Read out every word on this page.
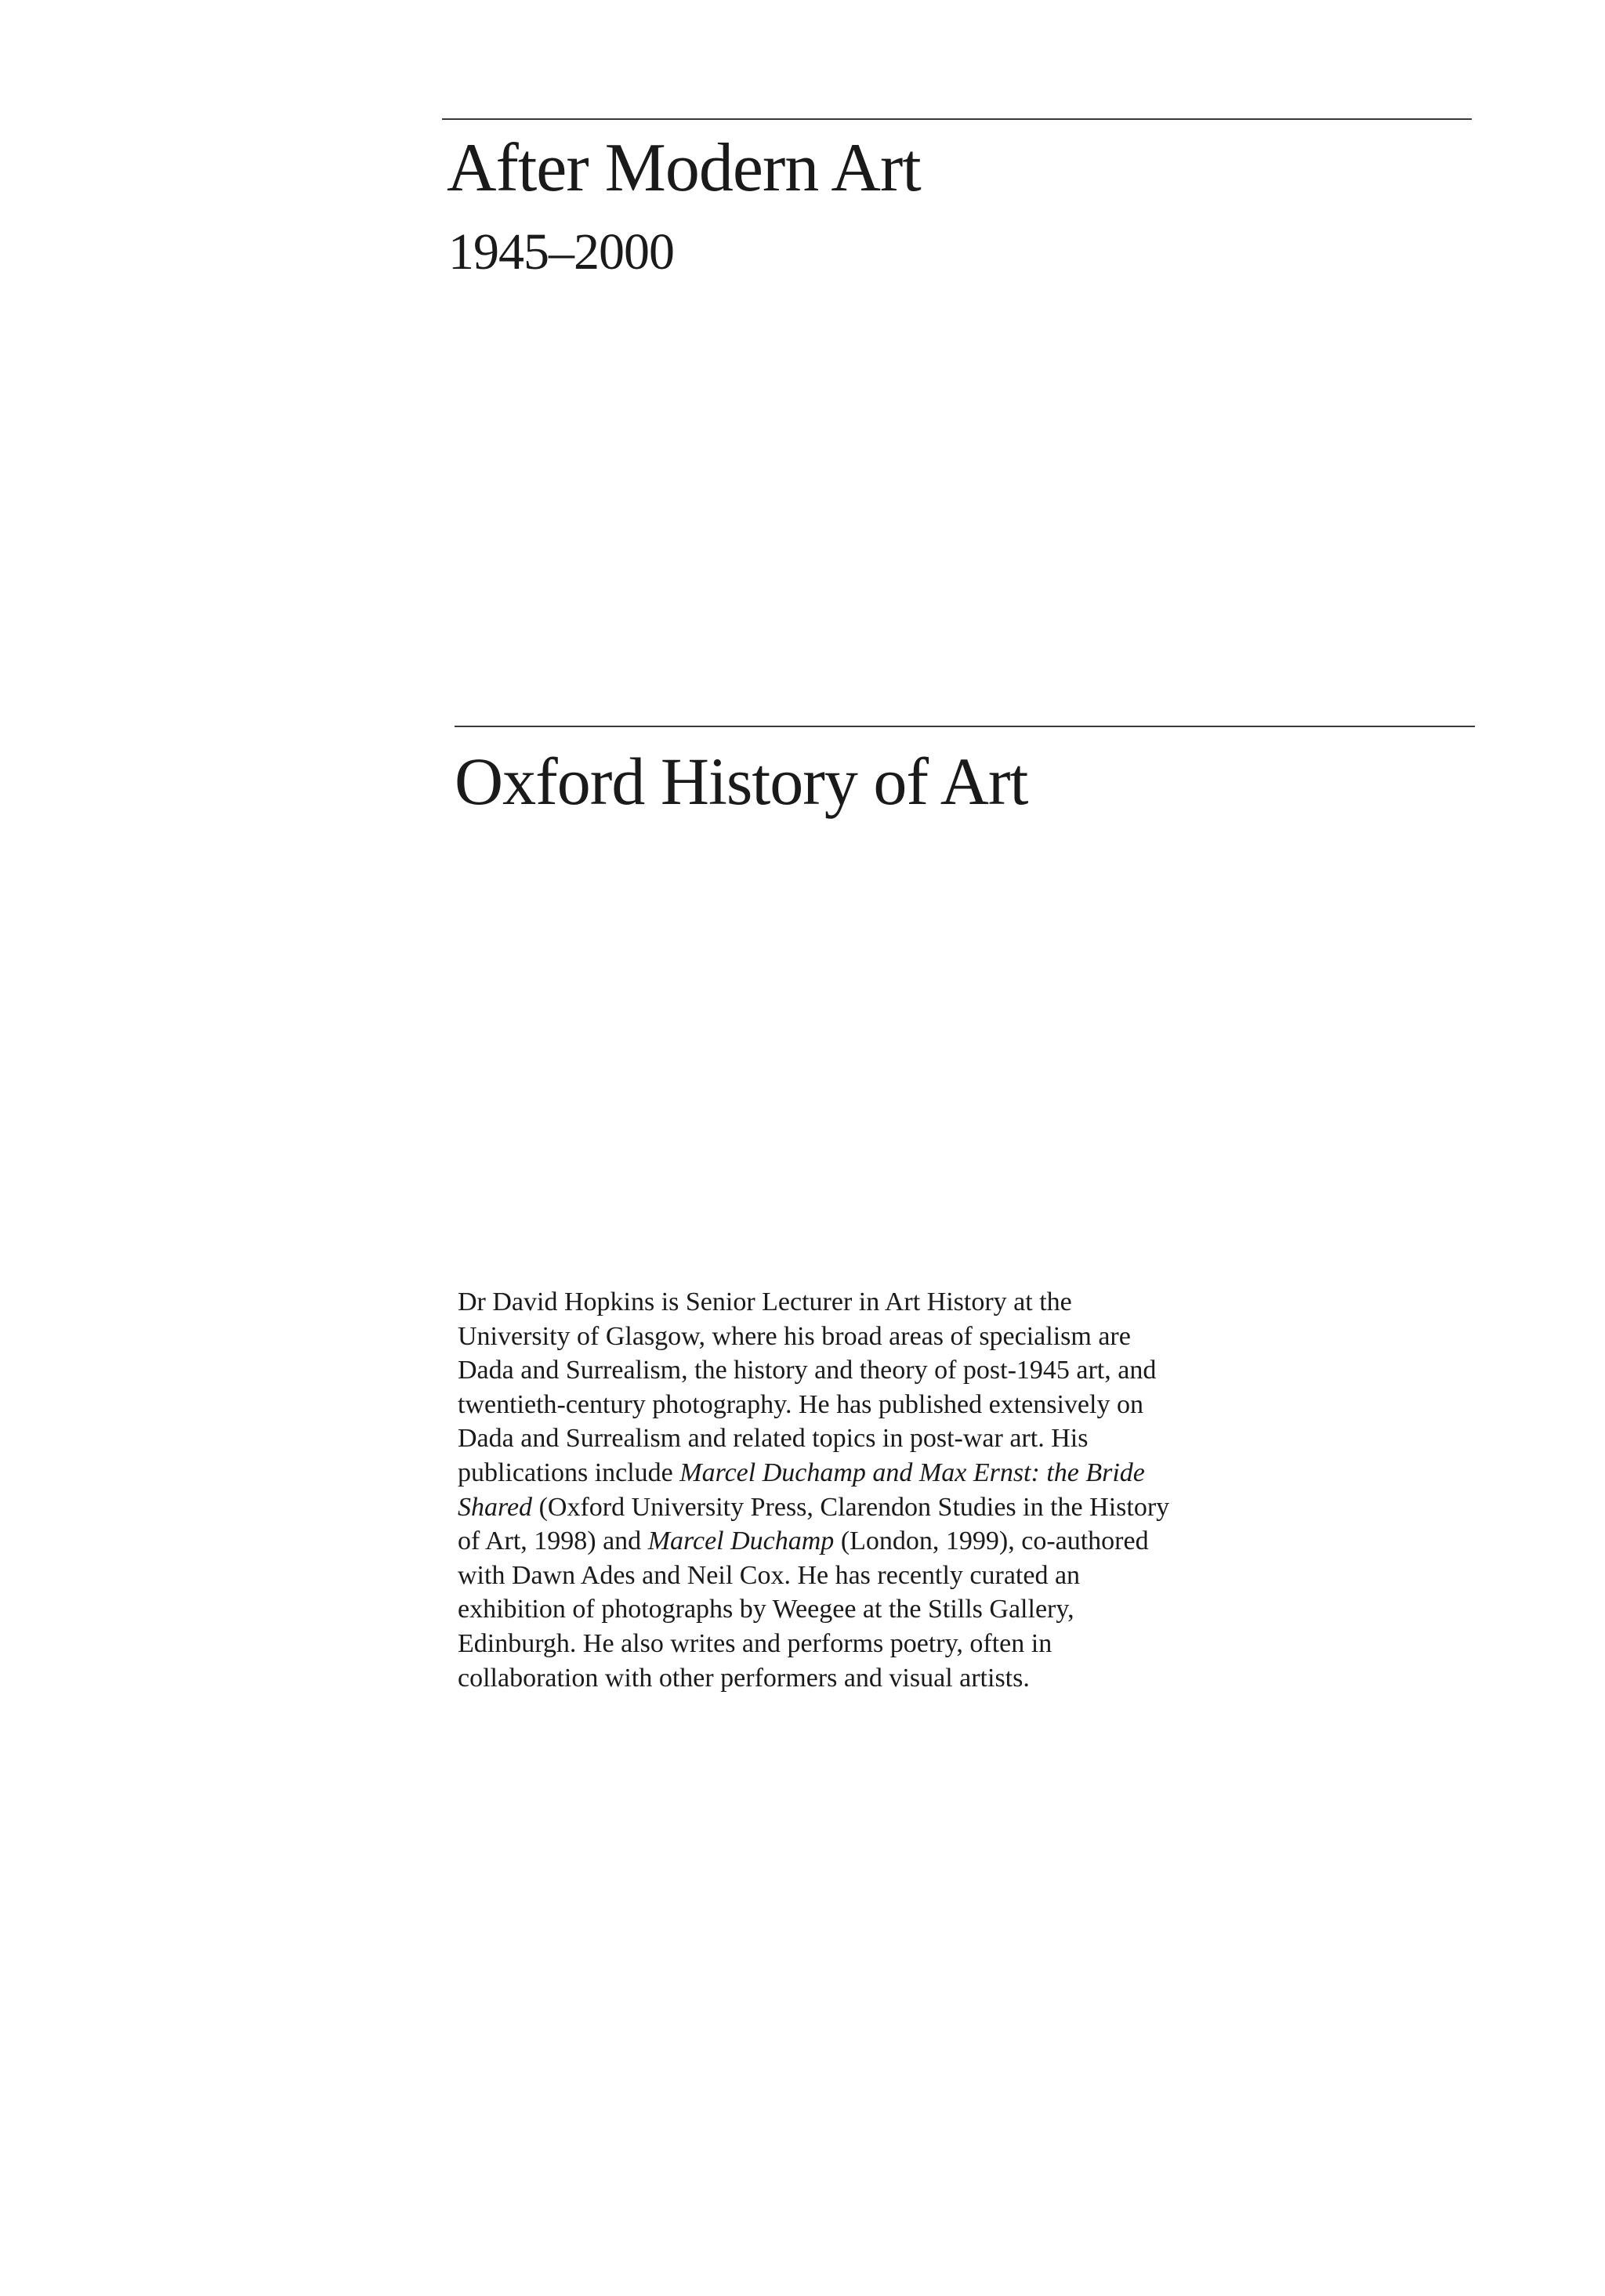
After Modern Art
1945–2000
Oxford History of Art

Dr David Hopkins is Senior Lecturer in Art History at the
University of Glasgow, where his broad areas of specialism are
Dada and Surrealism, the history and theory of post-1945 art, and
twentieth-century photography. He has published extensively on
Dada and Surrealism and related topics in post-war art. His
publications include Marcel Duchamp and Max Ernst: the Bride
Shared (Oxford University Press, Clarendon Studies in the History
of Art, 1998) and Marcel Duchamp (London, 1999), co-authored
with Dawn Ades and Neil Cox. He has recently curated an
exhibition of photographs by Weegee at the Stills Gallery,
Edinburgh. He also writes and performs poetry, often in
collaboration with other performers and visual artists.
